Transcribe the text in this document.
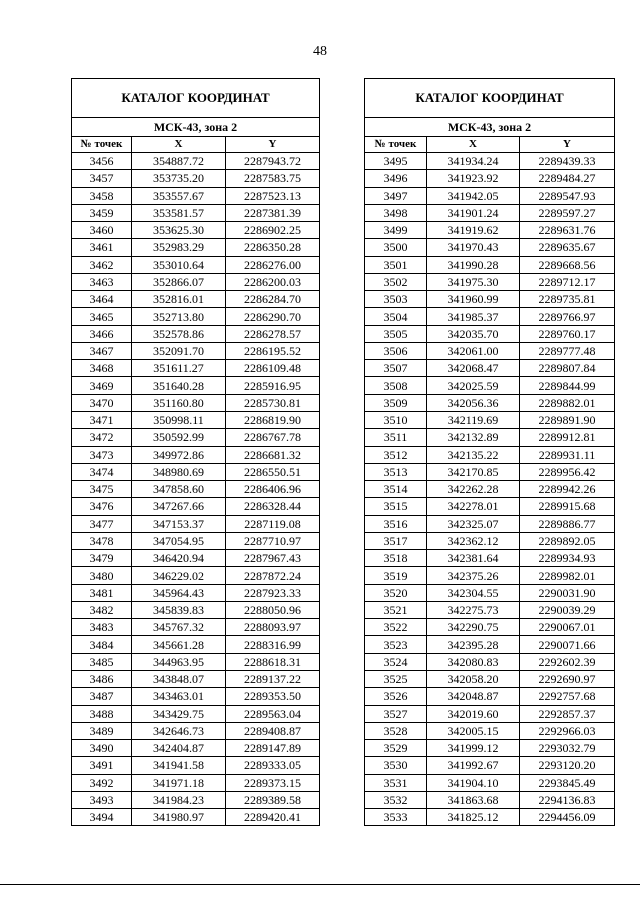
48
КАТАЛОГ КООРДИНАТ		
МСК-43, зона 2		
№ точек	X	Y
3456	354887.72	2287943.72
3457	353735.20	2287583.75
3458	353557.67	2287523.13
3459	353581.57	2287381.39
3460	353625.30	2286902.25
3461	352983.29	2286350.28
3462	353010.64	2286276.00
3463	352866.07	2286200.03
3464	352816.01	2286284.70
3465	352713.80	2286290.70
3466	352578.86	2286278.57
3467	352091.70	2286195.52
3468	351611.27	2286109.48
3469	351640.28	2285916.95
3470	351160.80	2285730.81
3471	350998.11	2286819.90
3472	350592.99	2286767.78
3473	349972.86	2286681.32
3474	348980.69	2286550.51
3475	347858.60	2286406.96
3476	347267.66	2286328.44
3477	347153.37	2287119.08
3478	347054.95	2287710.97
3479	346420.94	2287967.43
3480	346229.02	2287872.24
3481	345964.43	2287923.33
3482	345839.83	2288050.96
3483	345767.32	2288093.97
3484	345661.28	2288316.99
3485	344963.95	2288618.31
3486	343848.07	2289137.22
3487	343463.01	2289353.50
3488	343429.75	2289563.04
3489	342646.73	2289408.87
3490	342404.87	2289147.89
3491	341941.58	2289333.05
3492	341971.18	2289373.15
3493	341984.23	2289389.58
3494	341980.97	2289420.41
КАТАЛОГ КООРДИНАТ		
МСК-43, зона 2		
№ точек	X	Y
3495	341934.24	2289439.33
3496	341923.92	2289484.27
3497	341942.05	2289547.93
3498	341901.24	2289597.27
3499	341919.62	2289631.76
3500	341970.43	2289635.67
3501	341990.28	2289668.56
3502	341975.30	2289712.17
3503	341960.99	2289735.81
3504	341985.37	2289766.97
3505	342035.70	2289760.17
3506	342061.00	2289777.48
3507	342068.47	2289807.84
3508	342025.59	2289844.99
3509	342056.36	2289882.01
3510	342119.69	2289891.90
3511	342132.89	2289912.81
3512	342135.22	2289931.11
3513	342170.85	2289956.42
3514	342262.28	2289942.26
3515	342278.01	2289915.68
3516	342325.07	2289886.77
3517	342362.12	2289892.05
3518	342381.64	2289934.93
3519	342375.26	2289982.01
3520	342304.55	2290031.90
3521	342275.73	2290039.29
3522	342290.75	2290067.01
3523	342395.28	2290071.66
3524	342080.83	2292602.39
3525	342058.20	2292690.97
3526	342048.87	2292757.68
3527	342019.60	2292857.37
3528	342005.15	2292966.03
3529	341999.12	2293032.79
3530	341992.67	2293120.20
3531	341904.10	2293845.49
3532	341863.68	2294136.83
3533	341825.12	2294456.09
